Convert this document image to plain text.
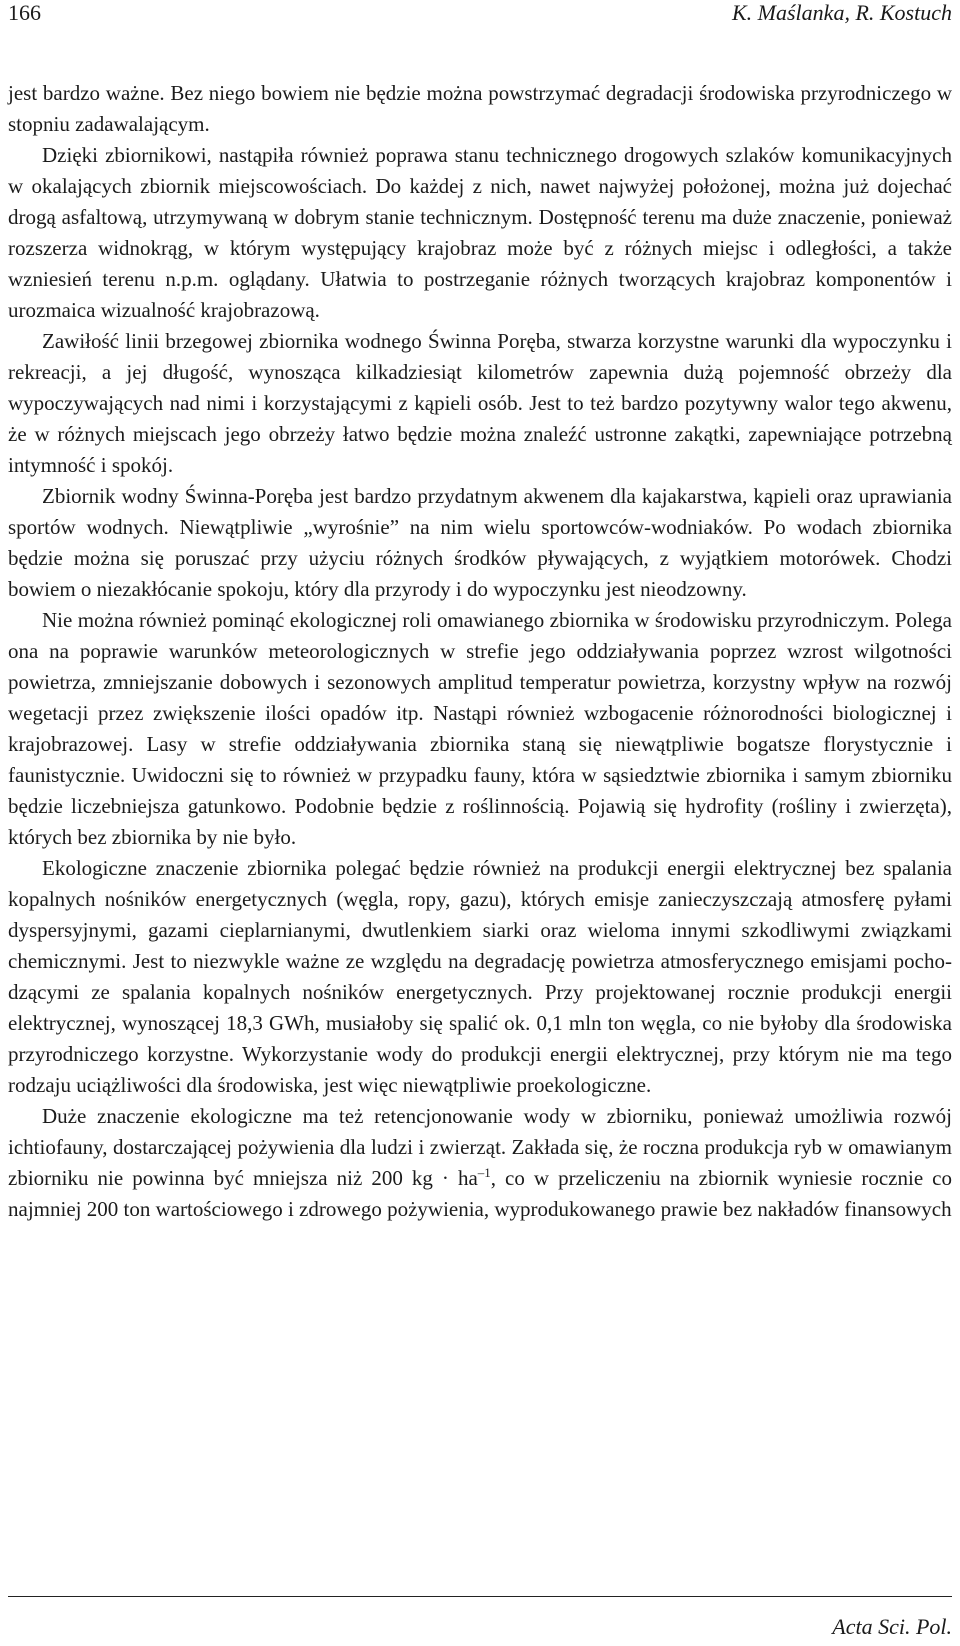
166	K. Maślanka, R. Kostuch

jest bardzo ważne. Bez niego bowiem nie będzie można powstrzymać degradacji środowiska przyrodniczego w stopniu zadawalającym.

Dzięki zbiornikowi, nastąpiła również poprawa stanu technicznego drogowych szlaków komunikacyjnych w okalających zbiornik miejscowościach. Do każdej z nich, nawet najwyżej położonej, można już dojechać drogą asfaltową, utrzymywaną w dobrym stanie technicznym. Dostępność terenu ma duże znaczenie, ponieważ rozszerza widnokrąg, w którym występujący krajobraz może być z różnych miejsc i odległości, a także wzniesień terenu n.p.m. oglądany. Ułatwia to postrzeganie różnych tworzących krajobraz komponentów i urozmaica wizualność krajobrazową.

Zawiłość linii brzegowej zbiornika wodnego Świnna Poręba, stwarza korzystne warunki dla wypoczynku i rekreacji, a jej długość, wynosząca kilkadziesiąt kilometrów zapewnia dużą pojemność obrzeży dla wypoczywających nad nimi i korzystającymi z kąpieli osób. Jest to też bardzo pozytywny walor tego akwenu, że w różnych miejscach jego obrzeży łatwo będzie można znaleźć ustronne zakątki, zapewniające potrzebną intymność i spokój.

Zbiornik wodny Świnna-Poręba jest bardzo przydatnym akwenem dla kajakarstwa, kąpieli oraz uprawiania sportów wodnych. Niewątpliwie „wyrośnie” na nim wielu sportowców-wodniaków. Po wodach zbiornika będzie można się poruszać przy użyciu różnych środków pływających, z wyjątkiem motorówek. Chodzi bowiem o niezakłócanie spokoju, który dla przyrody i do wypoczynku jest nieodzowny.

Nie można również pominąć ekologicznej roli omawianego zbiornika w środowisku przyrodniczym. Polega ona na poprawie warunków meteorologicznych w strefie jego oddziaływania poprzez wzrost wilgotności powietrza, zmniejszanie dobowych i sezonowych amplitud temperatur powietrza, korzystny wpływ na rozwój wegetacji przez zwiększenie ilości opadów itp. Nastąpi również wzbogacenie różnorodności biologicznej i krajobrazowej. Lasy w strefie oddziaływania zbiornika staną się niewątpliwie bogatsze florystycznie i faunistycznie. Uwidoczni się to również w przypadku fauny, która w sąsiedztwie zbiornika i samym zbiorniku będzie liczebniejsza gatunkowo. Podobnie będzie z roślinnością. Pojawią się hydrofity (rośliny i zwierzęta), których bez zbiornika by nie było.

Ekologiczne znaczenie zbiornika polegać będzie również na produkcji energii elektrycznej bez spalania kopalnych nośników energetycznych (węgla, ropy, gazu), których emisje zanieczyszczają atmosferę pyłami dyspersyjnymi, gazami cieplarnianymi, dwutlenkiem siarki oraz wieloma innymi szkodliwymi związkami chemicznymi. Jest to niezwykle ważne ze względu na degradację powietrza atmosferycznego emisjami pochodzącymi ze spalania kopalnych nośników energetycznych. Przy projektowanej rocznie produkcji energii elektrycznej, wynoszącej 18,3 GWh, musiałoby się spalić ok. 0,1 mln ton węgla, co nie byłoby dla środowiska przyrodniczego korzystne. Wykorzystanie wody do produkcji energii elektrycznej, przy którym nie ma tego rodzaju uciążliwości dla środowiska, jest więc niewątpliwie proekologiczne.

Duże znaczenie ekologiczne ma też retencjonowanie wody w zbiorniku, ponieważ umożliwia rozwój ichtiofauny, dostarczającej pożywienia dla ludzi i zwierząt. Zakłada się, że roczna produkcja ryb w omawianym zbiorniku nie powinna być mniejsza niż 200 kg · $ha^{-1}$, co w przeliczeniu na zbiornik wyniesie rocznie co najmniej 200 ton wartościowego i zdrowego pożywienia, wyprodukowanego prawie bez nakładów finansowych

Acta Sci. Pol.
